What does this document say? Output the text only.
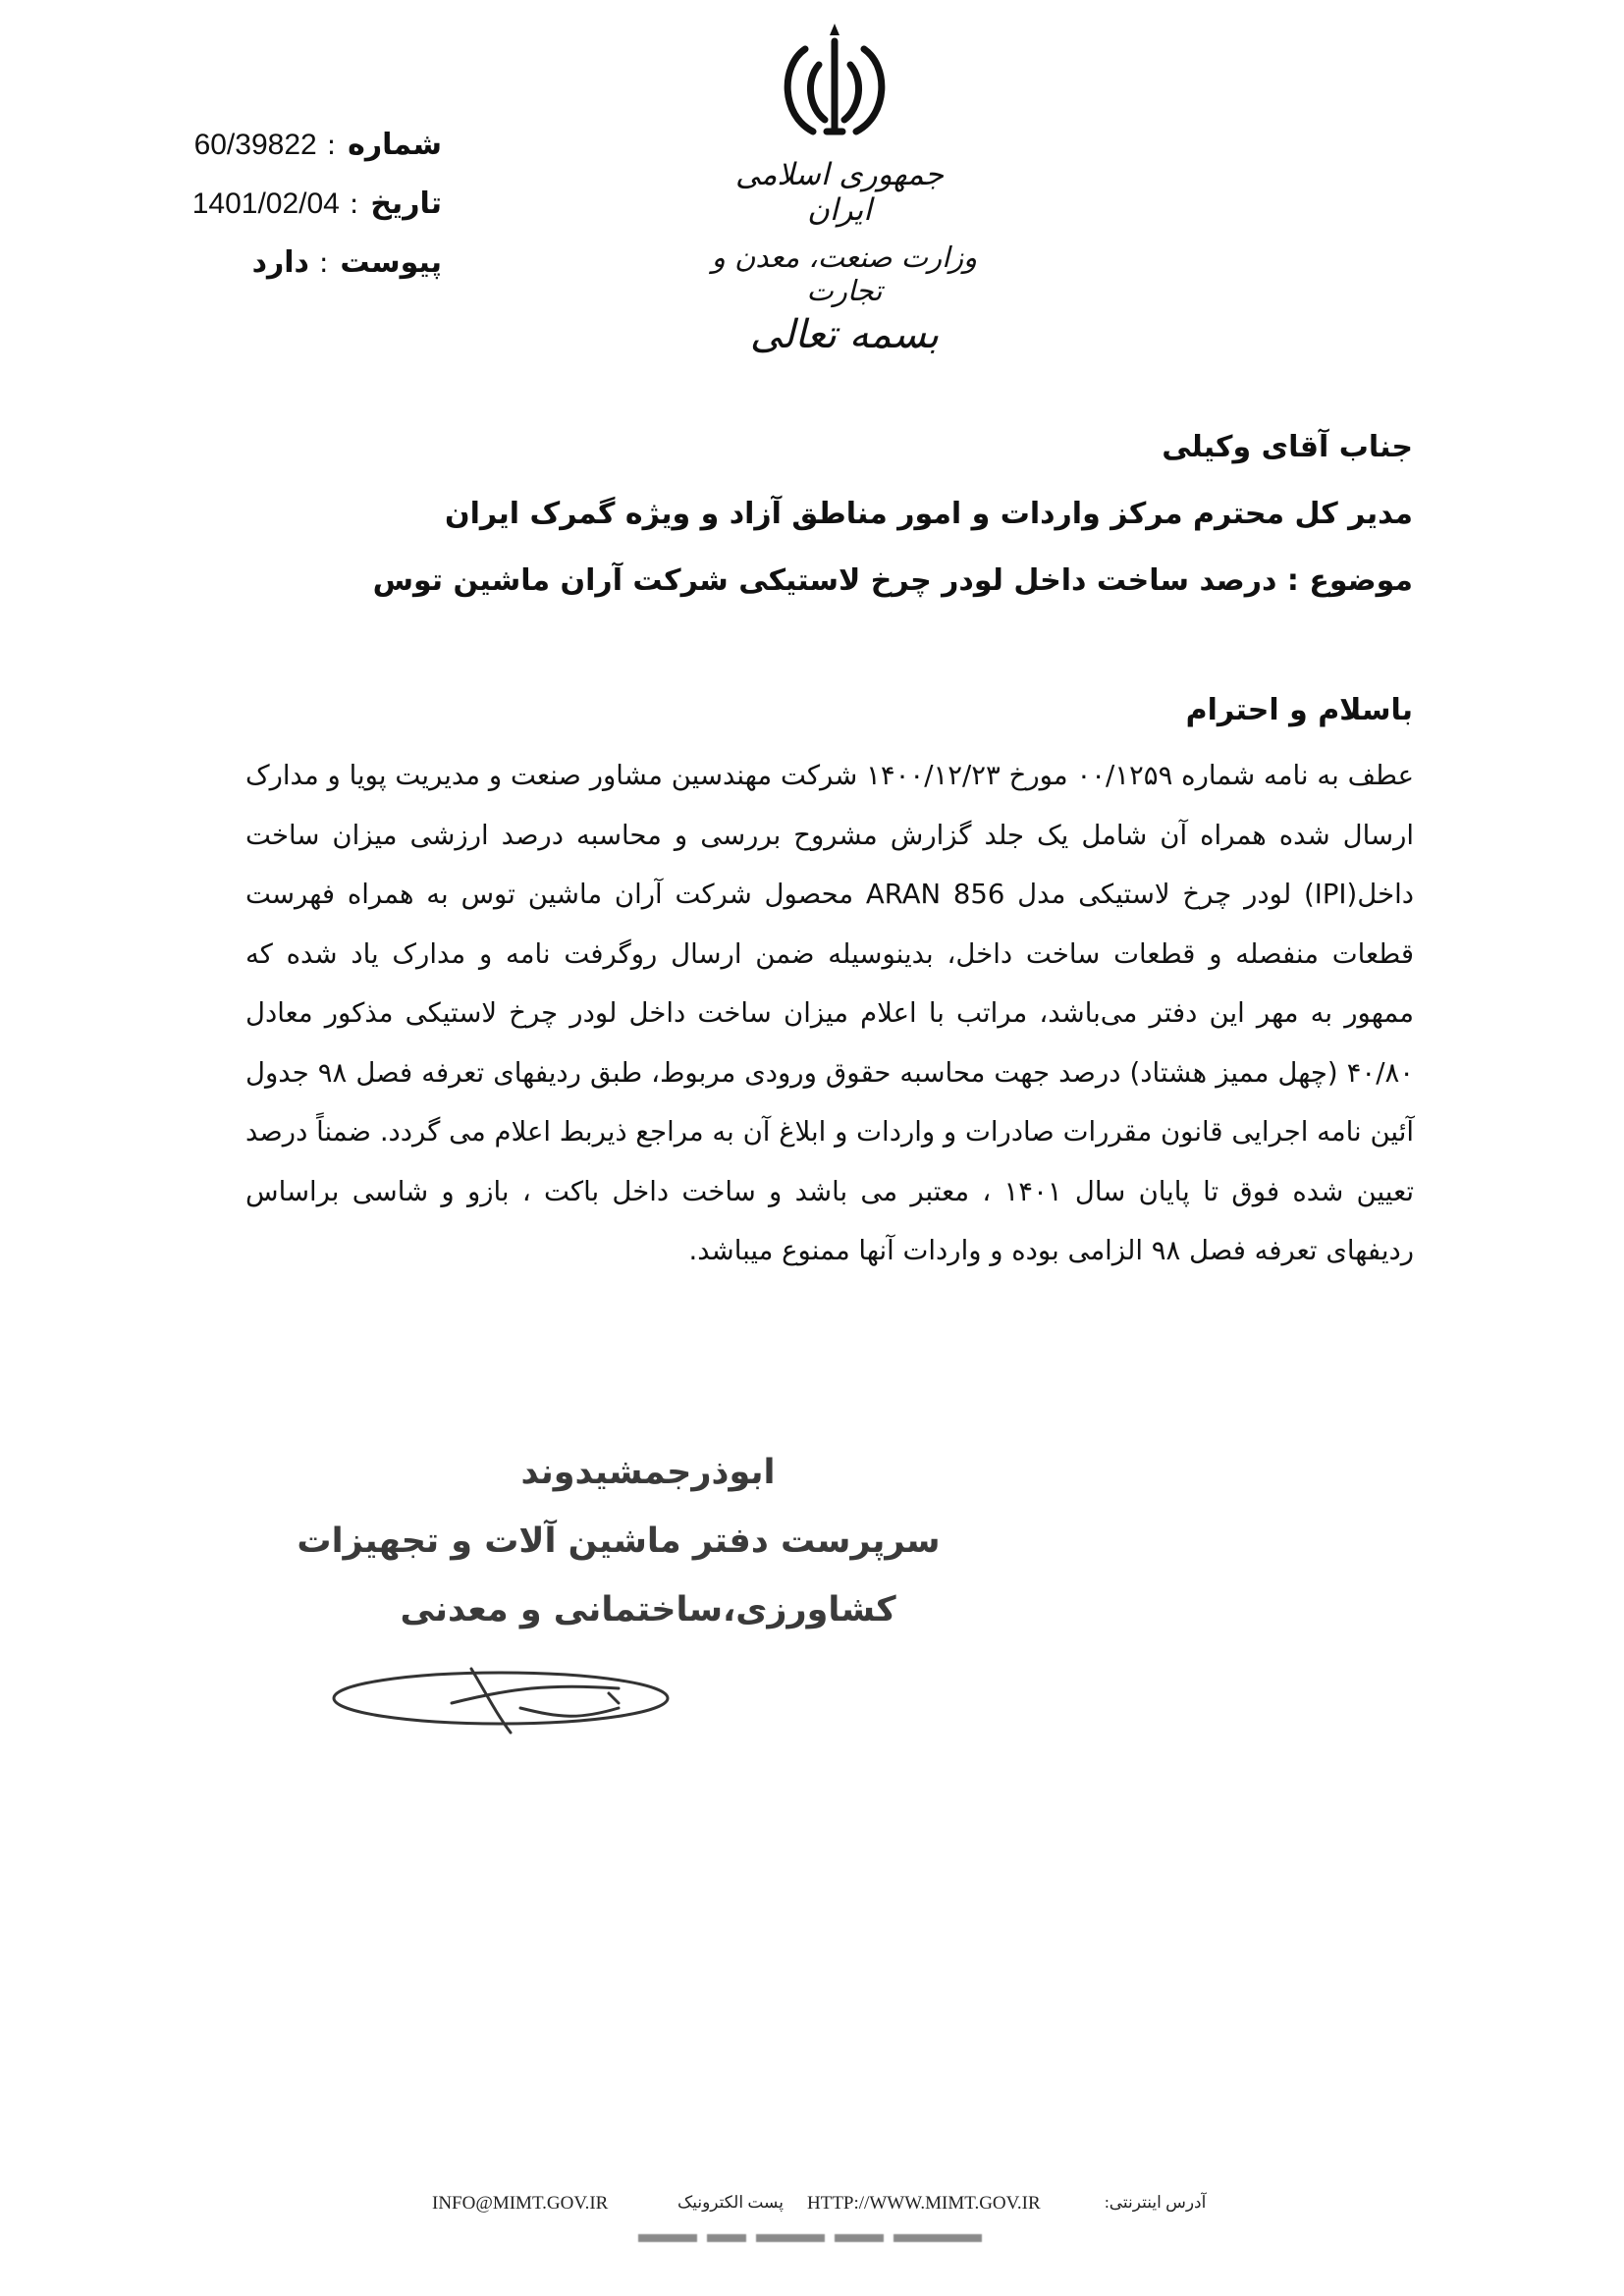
جمهوری اسلامی ایران
وزارت صنعت، معدن و تجارت
بسمه تعالی
60/39822 : شماره
1401/02/04 : تاریخ
دارد : پیوست
جناب آقای وکیلی
مدیر کل محترم مرکز واردات و امور مناطق آزاد و ویژه گمرک ایران
موضوع : درصد ساخت داخل لودر چرخ لاستیکی شرکت آران ماشین توس
باسلام و احترام
عطف به نامه شماره ۰۰/۱۲۵۹ مورخ ۱۴۰۰/۱۲/۲۳ شرکت مهندسین مشاور صنعت و مدیریت پویا و مدارک ارسال شده همراه آن شامل یک جلد گزارش مشروح بررسی و محاسبه درصد ارزشی میزان ساخت داخل(IPI) لودر چرخ لاستیکی مدل ARAN 856 محصول شرکت آران ماشین توس به همراه فهرست قطعات منفصله و قطعات ساخت داخل، بدینوسیله ضمن ارسال روگرفت نامه و مدارک یاد شده که ممهور به مهر این دفتر می‌باشد، مراتب با اعلام میزان ساخت داخل لودر چرخ لاستیکی مذکور معادل ۴۰/۸۰ (چهل ممیز هشتاد) درصد جهت محاسبه حقوق ورودی مربوط، طبق ردیفهای تعرفه فصل ۹۸ جدول آئین نامه اجرایی قانون مقررات صادرات و واردات و ابلاغ آن به مراجع ذیربط اعلام می گردد. ضمناً درصد تعیین شده فوق تا پایان سال ۱۴۰۱ ، معتبر می باشد و ساخت داخل باکت ، بازو و شاسی براساس ردیفهای تعرفه فصل ۹۸ الزامی بوده و واردات آنها ممنوع میباشد.
ابوذرجمشیدوند
سرپرست دفتر ماشین آلات و تجهیزات
کشاورزی،ساختمانی و معدنی
آدرس اینترنتی:
HTTP://WWW.MIMT.GOV.IR
پست الکترونیک
INFO@MIMT.GOV.IR
